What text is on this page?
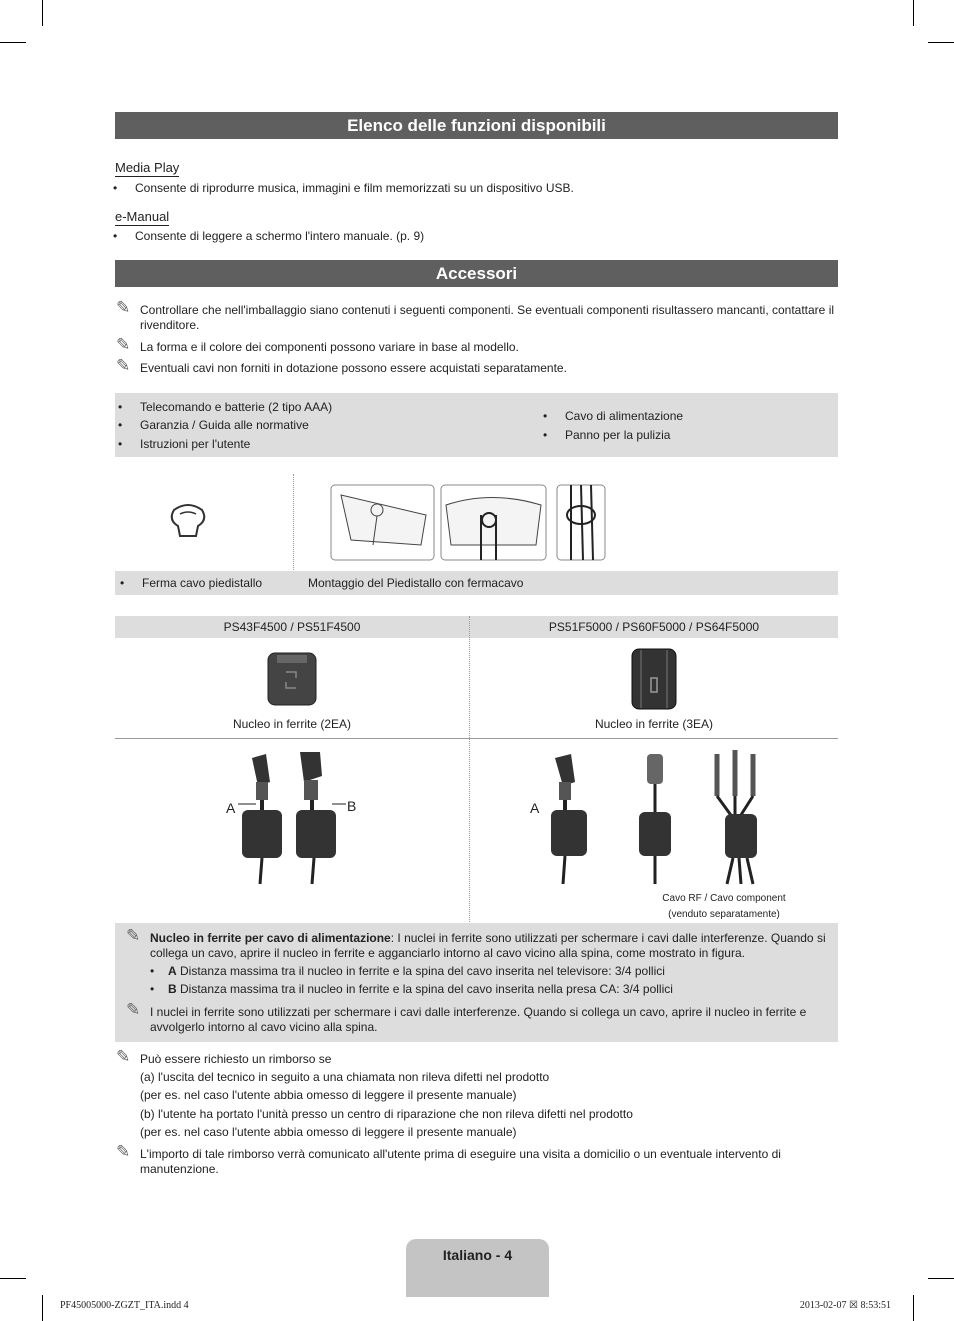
Elenco delle funzioni disponibili
Media Play
• Consente di riprodurre musica, immagini e film memorizzati su un dispositivo USB.
e-Manual
• Consente di leggere a schermo l'intero manuale. (p. 9)
Accessori
✎ Controllare che nell'imballaggio siano contenuti i seguenti componenti. Se eventuali componenti risultassero mancanti, contattare il rivenditore.
✎ La forma e il colore dei componenti possono variare in base al modello.
✎ Eventuali cavi non forniti in dotazione possono essere acquistati separatamente.
• Telecomando e batterie (2 tipo AAA)
• Garanzia / Guida alle normative
• Istruzioni per l'utente
• Cavo di alimentazione
• Panno per la pulizia
• Ferma cavo piedistallo	Montaggio del Piedistallo con fermacavo
PS43F4500 / PS51F4500	PS51F5000 / PS60F5000 / PS64F5000
Nucleo in ferrite (2EA)	Nucleo in ferrite (3EA)
A	B	A
Cavo RF / Cavo component
(venduto separatamente)
✎ Nucleo in ferrite per cavo di alimentazione: I nuclei in ferrite sono utilizzati per schermare i cavi dalle interferenze. Quando si collega un cavo, aprire il nucleo in ferrite e agganciarlo intorno al cavo vicino alla spina, come mostrato in figura.
• A Distanza massima tra il nucleo in ferrite e la spina del cavo inserita nel televisore: 3/4 pollici
• B Distanza massima tra il nucleo in ferrite e la spina del cavo inserita nella presa CA: 3/4 pollici
✎ I nuclei in ferrite sono utilizzati per schermare i cavi dalle interferenze. Quando si collega un cavo, aprire il nucleo in ferrite e avvolgerlo intorno al cavo vicino alla spina.
✎ Può essere richiesto un rimborso se
(a) l'uscita del tecnico in seguito a una chiamata non rileva difetti nel prodotto
(per es. nel caso l'utente abbia omesso di leggere il presente manuale)
(b) l'utente ha portato l'unità presso un centro di riparazione che non rileva difetti nel prodotto
(per es. nel caso l'utente abbia omesso di leggere il presente manuale)
✎ L'importo di tale rimborso verrà comunicato all'utente prima di eseguire una visita a domicilio o un eventuale intervento di manutenzione.
Italiano - 4
PF45005000-ZGZT_ITA.indd 4	2013-02-07 ☒ 8:53:51
